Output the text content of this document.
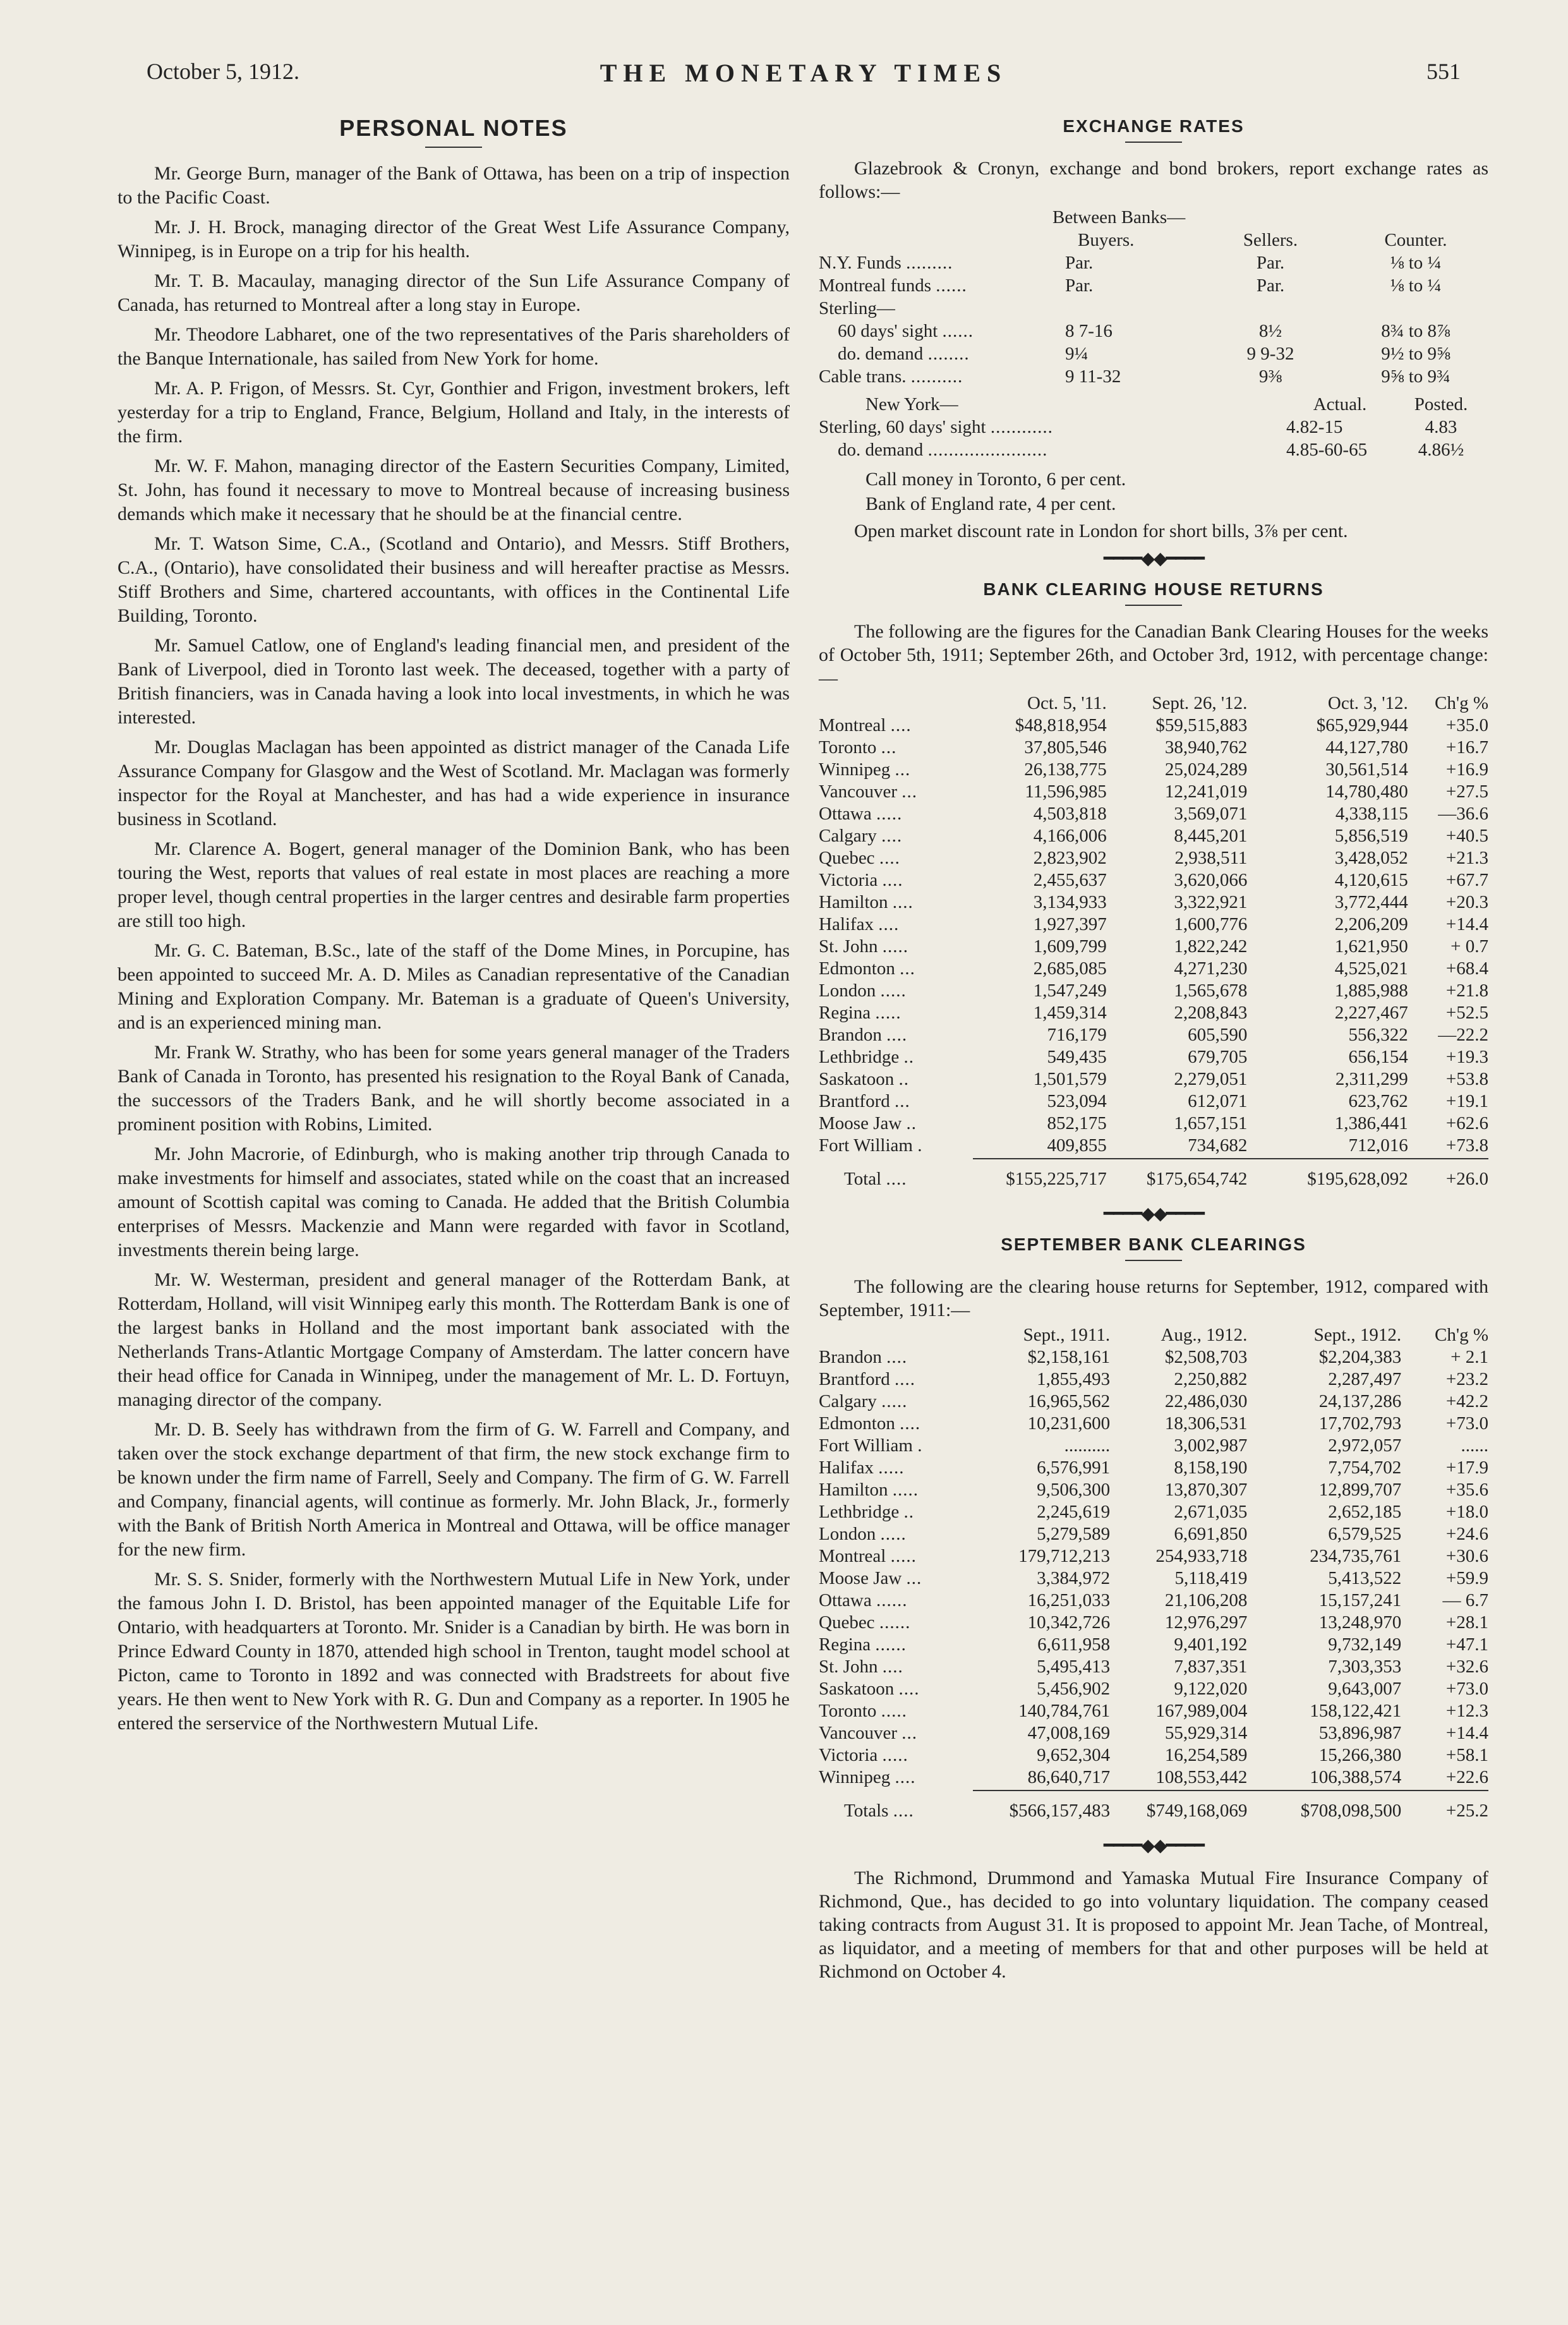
October 5, 1912.	THE MONETARY TIMES	551
PERSONAL NOTES

Mr. George Burn, manager of the Bank of Ottawa, has been on a trip of inspection to the Pacific Coast.

Mr. J. H. Brock, managing director of the Great West Life Assurance Company, Winnipeg, is in Europe on a trip for his health.

Mr. T. B. Macaulay, managing director of the Sun Life Assurance Company of Canada, has returned to Montreal after a long stay in Europe.

Mr. Theodore Labharet, one of the two representatives of the Paris shareholders of the Banque Internationale, has sailed from New York for home.

Mr. A. P. Frigon, of Messrs. St. Cyr, Gonthier and Frigon, investment brokers, left yesterday for a trip to England, France, Belgium, Holland and Italy, in the interests of the firm.

Mr. W. F. Mahon, managing director of the Eastern Securities Company, Limited, St. John, has found it necessary to move to Montreal because of increasing business demands which make it necessary that he should be at the financial centre.

Mr. T. Watson Sime, C.A., (Scotland and Ontario), and Messrs. Stiff Brothers, C.A., (Ontario), have consolidated their business and will hereafter practise as Messrs. Stiff Brothers and Sime, chartered accountants, with offices in the Continental Life Building, Toronto.

Mr. Samuel Catlow, one of England's leading financial men, and president of the Bank of Liverpool, died in Toronto last week. The deceased, together with a party of British financiers, was in Canada having a look into local investments, in which he was interested.

Mr. Douglas Maclagan has been appointed as district manager of the Canada Life Assurance Company for Glasgow and the West of Scotland. Mr. Maclagan was formerly inspector for the Royal at Manchester, and has had a wide experience in insurance business in Scotland.

Mr. Clarence A. Bogert, general manager of the Dominion Bank, who has been touring the West, reports that values of real estate in most places are reaching a more proper level, though central properties in the larger centres and desirable farm properties are still too high.

Mr. G. C. Bateman, B.Sc., late of the staff of the Dome Mines, in Porcupine, has been appointed to succeed Mr. A. D. Miles as Canadian representative of the Canadian Mining and Exploration Company. Mr. Bateman is a graduate of Queen's University, and is an experienced mining man.

Mr. Frank W. Strathy, who has been for some years general manager of the Traders Bank of Canada in Toronto, has presented his resignation to the Royal Bank of Canada, the successors of the Traders Bank, and he will shortly become associated in a prominent position with Robins, Limited.

Mr. John Macrorie, of Edinburgh, who is making another trip through Canada to make investments for himself and associates, stated while on the coast that an increased amount of Scottish capital was coming to Canada. He added that the British Columbia enterprises of Messrs. Mackenzie and Mann were regarded with favor in Scotland, investments therein being large.

Mr. W. Westerman, president and general manager of the Rotterdam Bank, at Rotterdam, Holland, will visit Winnipeg early this month. The Rotterdam Bank is one of the largest banks in Holland and the most important bank associated with the Netherlands Trans-Atlantic Mortgage Company of Amsterdam. The latter concern have their head office for Canada in Winnipeg, under the management of Mr. L. D. Fortuyn, managing director of the company.

Mr. D. B. Seely has withdrawn from the firm of G. W. Farrell and Company, and taken over the stock exchange department of that firm, the new stock exchange firm to be known under the firm name of Farrell, Seely and Company. The firm of G. W. Farrell and Company, financial agents, will continue as formerly. Mr. John Black, Jr., formerly with the Bank of British North America in Montreal and Ottawa, will be office manager for the new firm.

Mr. S. S. Snider, formerly with the Northwestern Mutual Life in New York, under the famous John I. D. Bristol, has been appointed manager of the Equitable Life for Ontario, with headquarters at Toronto. Mr. Snider is a Canadian by birth. He was born in Prince Edward County in 1870, attended high school in Trenton, taught model school at Picton, came to Toronto in 1892 and was connected with Bradstreets for about five years. He then went to New York with R. G. Dun and Company as a reporter. In 1905 he entered the serservice of the Northwestern Mutual Life.

EXCHANGE RATES

Glazebrook & Cronyn, exchange and bond brokers, report exchange rates as follows:—

Between Banks—			
	Buyers.	Sellers.	Counter.
N.Y. Funds .........	Par.	Par.	⅛ to ¼
Montreal funds ......	Par.	Par.	⅛ to ¼
Sterling—			
60 days' sight ......	8 7-16	8½	8¾ to 8⅞
do. demand ........	9¼	9 9-32	9½ to 9⅝
Cable trans. ..........	9 11-32	9⅜	9⅝ to 9¾
New York—	Actual.	Posted.
Sterling, 60 days' sight ............	4.82-15	4.83
do. demand .......................	4.85-60-65	4.86½

Call money in Toronto, 6 per cent.

Bank of England rate, 4 per cent.

Open market discount rate in London for short bills, 3⅞ per cent.

━━━━◆◆━━━━
BANK CLEARING HOUSE RETURNS

The following are the figures for the Canadian Bank Clearing Houses for the weeks of October 5th, 1911; September 26th, and October 3rd, 1912, with percentage change:—

	Oct. 5, '11.	Sept. 26, '12.	Oct. 3, '12.	Ch'g %
Montreal ....	$48,818,954	$59,515,883	$65,929,944	+35.0
Toronto ...	37,805,546	38,940,762	44,127,780	+16.7
Winnipeg ...	26,138,775	25,024,289	30,561,514	+16.9
Vancouver ...	11,596,985	12,241,019	14,780,480	+27.5
Ottawa .....	4,503,818	3,569,071	4,338,115	—36.6
Calgary ....	4,166,006	8,445,201	5,856,519	+40.5
Quebec ....	2,823,902	2,938,511	3,428,052	+21.3
Victoria ....	2,455,637	3,620,066	4,120,615	+67.7
Hamilton ....	3,134,933	3,322,921	3,772,444	+20.3
Halifax ....	1,927,397	1,600,776	2,206,209	+14.4
St. John .....	1,609,799	1,822,242	1,621,950	+ 0.7
Edmonton ...	2,685,085	4,271,230	4,525,021	+68.4
London .....	1,547,249	1,565,678	1,885,988	+21.8
Regina .....	1,459,314	2,208,843	2,227,467	+52.5
Brandon ....	716,179	605,590	556,322	—22.2
Lethbridge ..	549,435	679,705	656,154	+19.3
Saskatoon ..	1,501,579	2,279,051	2,311,299	+53.8
Brantford ...	523,094	612,071	623,762	+19.1
Moose Jaw ..	852,175	1,657,151	1,386,441	+62.6
Fort William .	409,855	734,682	712,016	+73.8

Total ....	$155,225,717	$175,654,742	$195,628,092	+26.0
━━━━◆◆━━━━
SEPTEMBER BANK CLEARINGS

The following are the clearing house returns for September, 1912, compared with September, 1911:—

	Sept., 1911.	Aug., 1912.	Sept., 1912.	Ch'g %
Brandon ....	$2,158,161	$2,508,703	$2,204,383	+ 2.1
Brantford ....	1,855,493	2,250,882	2,287,497	+23.2
Calgary .....	16,965,562	22,486,030	24,137,286	+42.2
Edmonton ....	10,231,600	18,306,531	17,702,793	+73.0
Fort William .	..........	3,002,987	2,972,057	......
Halifax .....	6,576,991	8,158,190	7,754,702	+17.9
Hamilton .....	9,506,300	13,870,307	12,899,707	+35.6
Lethbridge ..	2,245,619	2,671,035	2,652,185	+18.0
London .....	5,279,589	6,691,850	6,579,525	+24.6
Montreal .....	179,712,213	254,933,718	234,735,761	+30.6
Moose Jaw ...	3,384,972	5,118,419	5,413,522	+59.9
Ottawa ......	16,251,033	21,106,208	15,157,241	— 6.7
Quebec ......	10,342,726	12,976,297	13,248,970	+28.1
Regina ......	6,611,958	9,401,192	9,732,149	+47.1
St. John ....	5,495,413	7,837,351	7,303,353	+32.6
Saskatoon ....	5,456,902	9,122,020	9,643,007	+73.0
Toronto .....	140,784,761	167,989,004	158,122,421	+12.3
Vancouver ...	47,008,169	55,929,314	53,896,987	+14.4
Victoria .....	9,652,304	16,254,589	15,266,380	+58.1
Winnipeg ....	86,640,717	108,553,442	106,388,574	+22.6

Totals ....	$566,157,483	$749,168,069	$708,098,500	+25.2
━━━━◆◆━━━━

The Richmond, Drummond and Yamaska Mutual Fire Insurance Company of Richmond, Que., has decided to go into voluntary liquidation. The company ceased taking contracts from August 31. It is proposed to appoint Mr. Jean Tache, of Montreal, as liquidator, and a meeting of members for that and other purposes will be held at Richmond on October 4.
